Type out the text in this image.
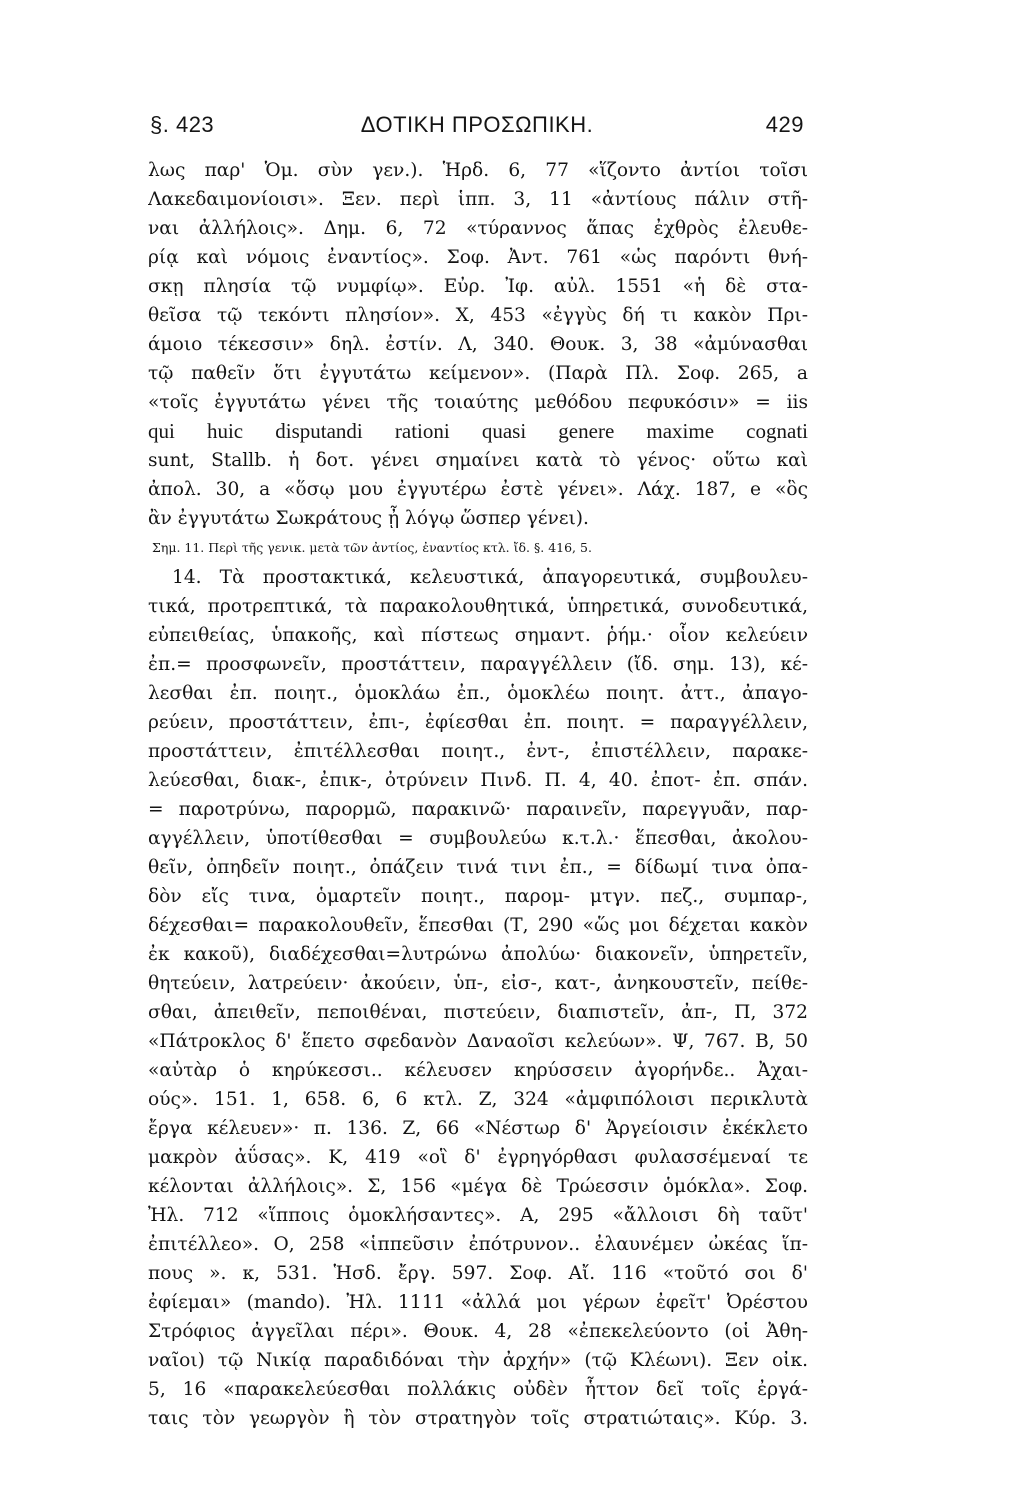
§. 423	ΔΟΤΙΚΗ ΠΡΟΣΩΠΙΚΗ.	429
λως παρ' Ὁμ. σὺν γεν.). Ἡρδ. 6, 77 «ἵζοντο ἀντίοι τοῖσι
Λακεδαιμονίοισι». Ξεν. περὶ ἱππ. 3, 11 «ἀντίους πάλιν στῆ-
ναι ἀλλήλοις». Δημ. 6, 72 «τύραννος ἅπας ἐχθρὸς ἐλευθε-
ρίᾳ καὶ νόμοις ἐναντίος». Σοφ. Ἀντ. 761 «ὡς παρόντι θνή-
σκῃ πλησία τῷ νυμφίῳ». Εὐρ. Ἰφ. αὐλ. 1551 «ἡ δὲ στα-
θεῖσα τῷ τεκόντι πλησίον». Χ, 453 «ἐγγὺς δή τι κακὸν Πρι-
άμοιο τέκεσσιν» δηλ. ἐστίν. Λ, 340. Θουκ. 3, 38 «ἀμύνασθαι
τῷ παθεῖν ὅτι ἐγγυτάτω κείμενον». (Παρὰ Πλ. Σοφ. 265, a
«τοῖς ἐγγυτάτω γένει τῆς τοιαύτης μεθόδου πεφυκόσιν» = iis
qui huic disputandi rationi quasi genere maxime cognati
sunt, Stallb. ἡ δοτ. γένει σημαίνει κατὰ τὸ γένος· οὕτω καὶ
ἀπολ. 30, a «ὅσῳ μου ἐγγυτέρω ἐστὲ γένει». Λάχ. 187, e «ὃς
ἂν ἐγγυτάτω Σωκράτους ᾖ λόγῳ ὥσπερ γένει).
Σημ. 11. Περὶ τῆς γενικ. μετὰ τῶν ἀντίος, ἐναντίος κτλ. ἴδ. §. 416, 5.
14. Τὰ προστακτικά, κελευστικά, ἀπαγορευτικά, συμβουλευ-
τικά, προτρεπτικά, τὰ παρακολουθητικά, ὑπηρετικά, συνοδευτικά,
εὐπειθείας, ὑπακοῆς, καὶ πίστεως σημαντ. ῥήμ.· οἷον κελεύειν
ἐπ.= προσφωνεῖν, προστάττειν, παραγγέλλειν (ἴδ. σημ. 13), κέ-
λεσθαι ἐπ. ποιητ., ὁμοκλάω ἐπ., ὁμοκλέω ποιητ. ἀττ., ἀπαγο-
ρεύειν, προστάττειν, ἐπι-, ἐφίεσθαι ἐπ. ποιητ. = παραγγέλλειν,
προστάττειν, ἐπιτέλλεσθαι ποιητ., ἐντ-, ἐπιστέλλειν, παρακε-
λεύεσθαι, διακ-, ἐπικ-, ὀτρύνειν Πινδ. Π. 4, 40. ἐποτ- ἐπ. σπάν.
= παροτρύνω, παρορμῶ, παρακινῶ· παραινεῖν, παρεγγυᾶν, παρ-
αγγέλλειν, ὑποτίθεσθαι = συμβουλεύω κ.τ.λ.· ἕπεσθαι, ἀκολου-
θεῖν, ὀπηδεῖν ποιητ., ὀπάζειν τινά τινι ἐπ., = δίδωμί τινα ὀπα-
δὸν εἴς τινα, ὁμαρτεῖν ποιητ., παρομ- μτγν. πεζ., συμπαρ-,
δέχεσθαι= παρακολουθεῖν, ἕπεσθαι (Τ, 290 «ὥς μοι δέχεται κακὸν
ἐκ κακοῦ), διαδέχεσθαι=λυτρώνω ἀπολύω· διακονεῖν, ὑπηρετεῖν,
θητεύειν, λατρεύειν· ἀκούειν, ὑπ-, εἰσ-, κατ-, ἀνηκουστεῖν, πείθε-
σθαι, ἀπειθεῖν, πεποιθέναι, πιστεύειν, διαπιστεῖν, ἀπ-, Π, 372
«Πάτροκλος δ' ἕπετο σφεδανὸν Δαναοῖσι κελεύων». Ψ, 767. Β, 50
«αὐτὰρ ὁ κηρύκεσσι.. κέλευσεν κηρύσσειν ἀγορήνδε.. Ἀχαι-
ούς». 151. 1, 658. 6, 6 κτλ. Ζ, 324 «ἀμφιπόλοισι περικλυτὰ
ἔργα κέλευεν»· π. 136. Ζ, 66 «Νέστωρ δ' Ἀργείοισιν ἐκέκλετο
μακρὸν ἀΰσας». Κ, 419 «οἳ δ' ἐγρηγόρθασι φυλασσέμεναί τε
κέλονται ἀλλήλοις». Σ, 156 «μέγα δὲ Τρώεσσιν ὁμόκλα». Σοφ.
Ἠλ. 712 «ἵπποις ὁμοκλήσαντες». Α, 295 «ἄλλοισι δὴ ταῦτ'
ἐπιτέλλεο». Ο, 258 «ἱππεῦσιν ἐπότρυνον.. ἐλαυνέμεν ὠκέας ἵπ-
πους ». κ, 531. Ἡσδ. ἔργ. 597. Σοφ. Αἴ. 116 «τοῦτό σοι δ'
ἐφίεμαι» (mando). Ἠλ. 1111 «ἀλλά μοι γέρων ἐφεῖτ' Ὀρέστου
Στρόφιος ἀγγεῖλαι πέρι». Θουκ. 4, 28 «ἐπεκελεύοντο (οἱ Ἀθη-
ναῖοι) τῷ Νικίᾳ παραδιδόναι τὴν ἀρχήν» (τῷ Κλέωνι). Ξεν οἰκ.
5, 16 «παρακελεύεσθαι πολλάκις οὐδὲν ἧττον δεῖ τοῖς ἐργά-
ταις τὸν γεωργὸν ἢ τὸν στρατηγὸν τοῖς στρατιώταις». Κύρ. 3.
